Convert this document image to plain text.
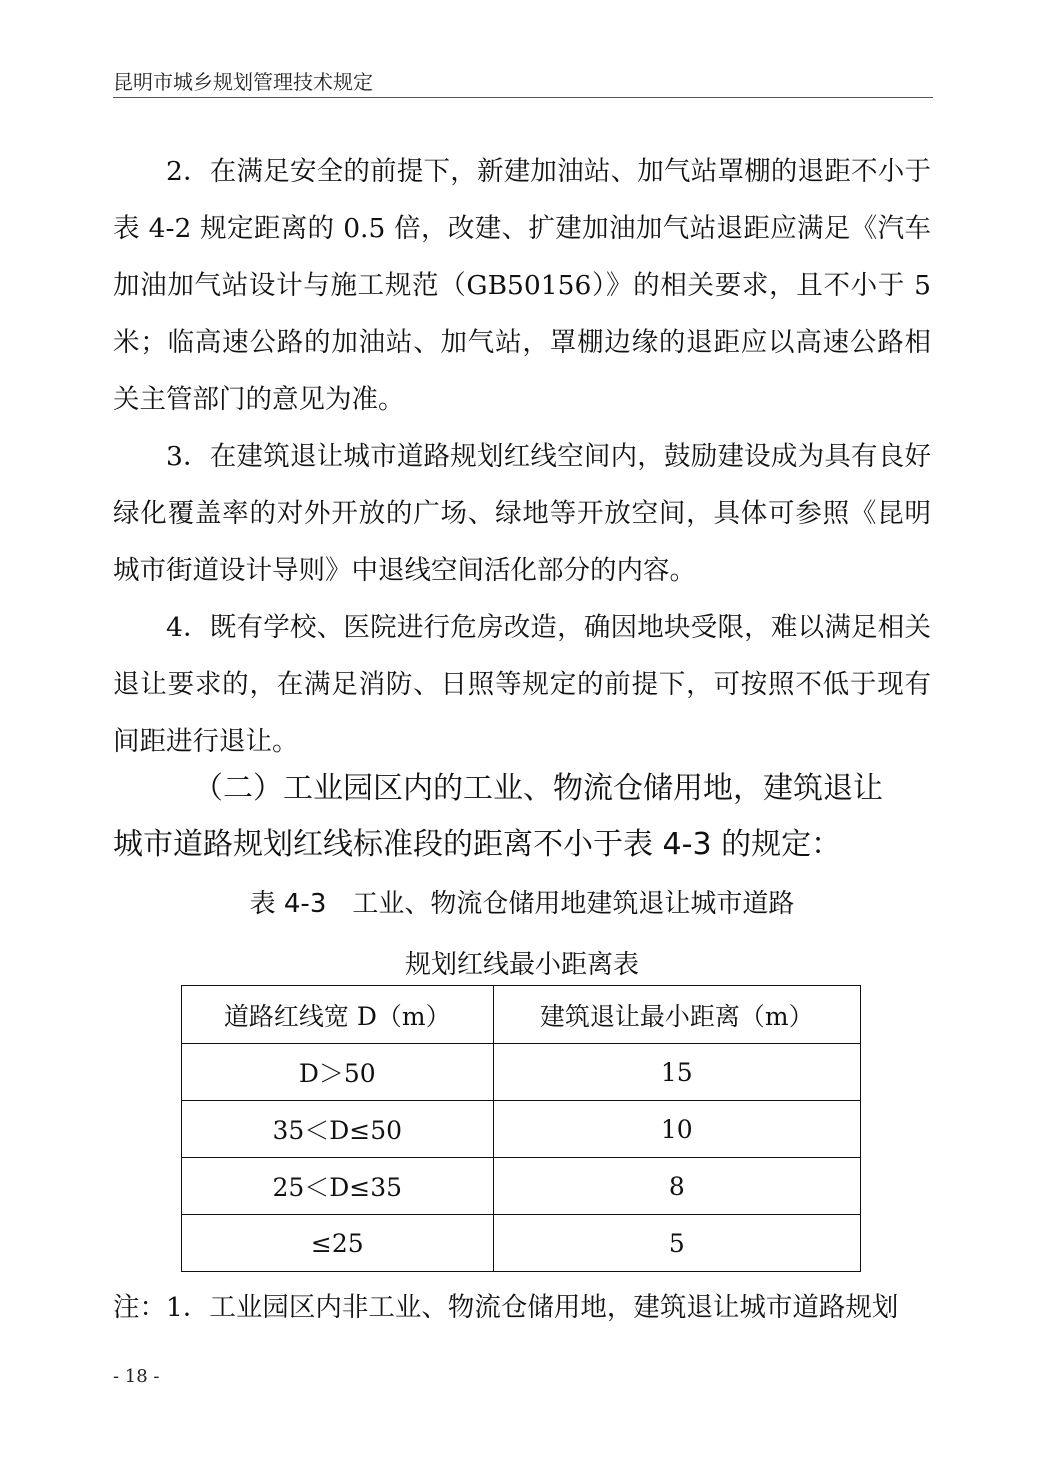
昆明市城乡规划管理技术规定

2．在满足安全的前提下，新建加油站、加气站罩棚的退距不小于表 4-2 规定距离的 0.5 倍，改建、扩建加油加气站退距应满足《汽车加油加气站设计与施工规范（GB50156）》的相关要求，且不小于 5 米；临高速公路的加油站、加气站，罩棚边缘的退距应以高速公路相关主管部门的意见为准。

3．在建筑退让城市道路规划红线空间内，鼓励建设成为具有良好绿化覆盖率的对外开放的广场、绿地等开放空间，具体可参照《昆明城市街道设计导则》中退线空间活化部分的内容。

4．既有学校、医院进行危房改造，确因地块受限，难以满足相关退让要求的，在满足消防、日照等规定的前提下，可按照不低于现有间距进行退让。

（二）工业园区内的工业、物流仓储用地，建筑退让
城市道路规划红线标准段的距离不小于表 4-3 的规定：
表 4-3　工业、物流仓储用地建筑退让城市道路
规划红线最小距离表
道路红线宽 D（m）	建筑退让最小距离（m）
D＞50	15
35＜D≤50	10
25＜D≤35	8
≤25	5
注：1．工业园区内非工业、物流仓储用地，建筑退让城市道路规划
- 18 -
